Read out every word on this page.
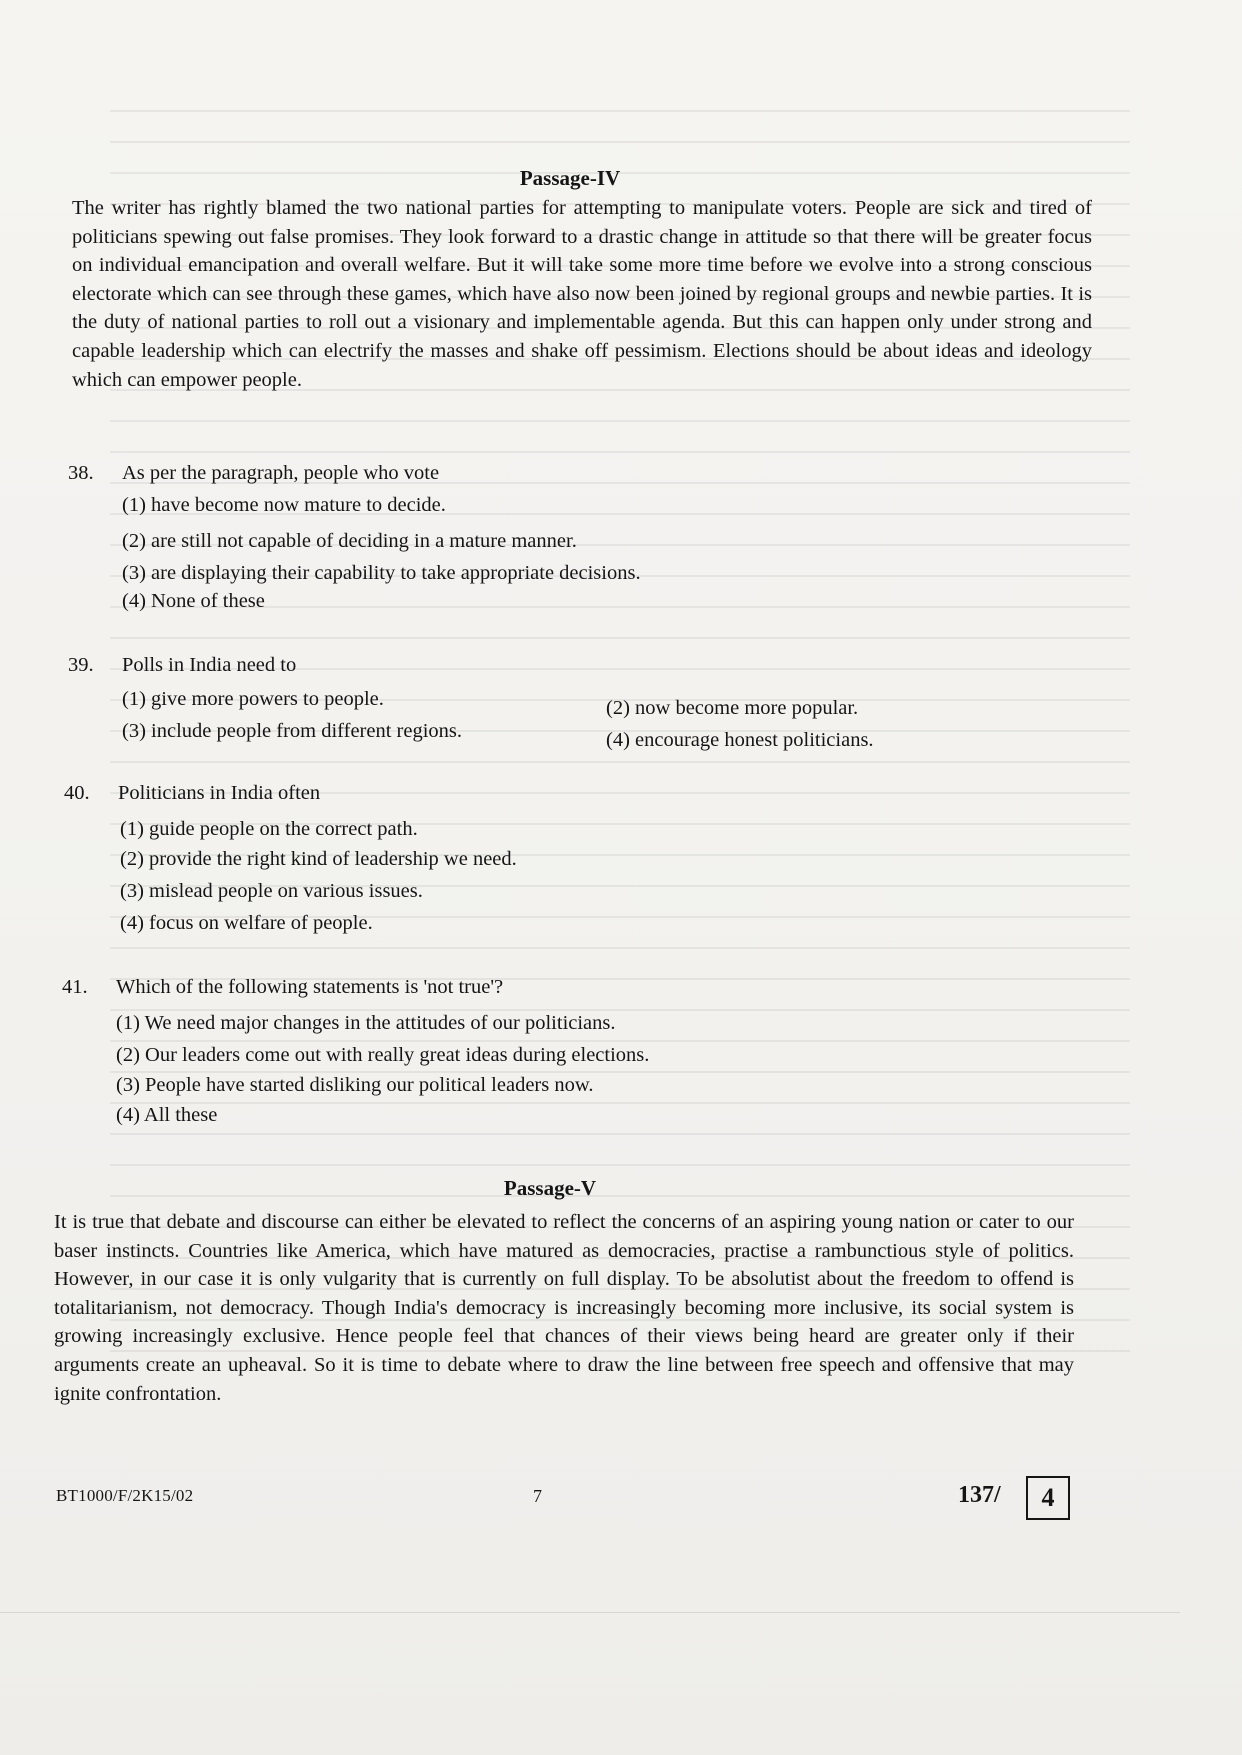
Passage-IV
The writer has rightly blamed the two national parties for attempting to manipulate voters. People are sick and tired of politicians spewing out false promises. They look forward to a drastic change in attitude so that there will be greater focus on individual emancipation and overall welfare. But it will take some more time before we evolve into a strong conscious electorate which can see through these games, which have also now been joined by regional groups and newbie parties. It is the duty of national parties to roll out a visionary and implementable agenda. But this can happen only under strong and capable leadership which can electrify the masses and shake off pessimism. Elections should be about ideas and ideology which can empower people.
38.	As per the paragraph, people who vote
(1) have become now mature to decide.
(2) are still not capable of deciding in a mature manner.
(3) are displaying their capability to take appropriate decisions.
(4) None of these
39.	Polls in India need to
(1) give more powers to people.	(2) now become more popular.
(3) include people from different regions.	(4) encourage honest politicians.
40.	Politicians in India often
(1) guide people on the correct path.
(2) provide the right kind of leadership we need.
(3) mislead people on various issues.
(4) focus on welfare of people.
41.	Which of the following statements is 'not true'?
(1) We need major changes in the attitudes of our politicians.
(2) Our leaders come out with really great ideas during elections.
(3) People have started disliking our political leaders now.
(4) All these
Passage-V
It is true that debate and discourse can either be elevated to reflect the concerns of an aspiring young nation or cater to our baser instincts. Countries like America, which have matured as democracies, practise a rambunctious style of politics. However, in our case it is only vulgarity that is currently on full display. To be absolutist about the freedom to offend is totalitarianism, not democracy. Though India's democracy is increasingly becoming more inclusive, its social system is growing increasingly exclusive. Hence people feel that chances of their views being heard are greater only if their arguments create an upheaval. So it is time to debate where to draw the line between free speech and offensive that may ignite confrontation.
BT1000/F/2K15/02	7	137/	4
